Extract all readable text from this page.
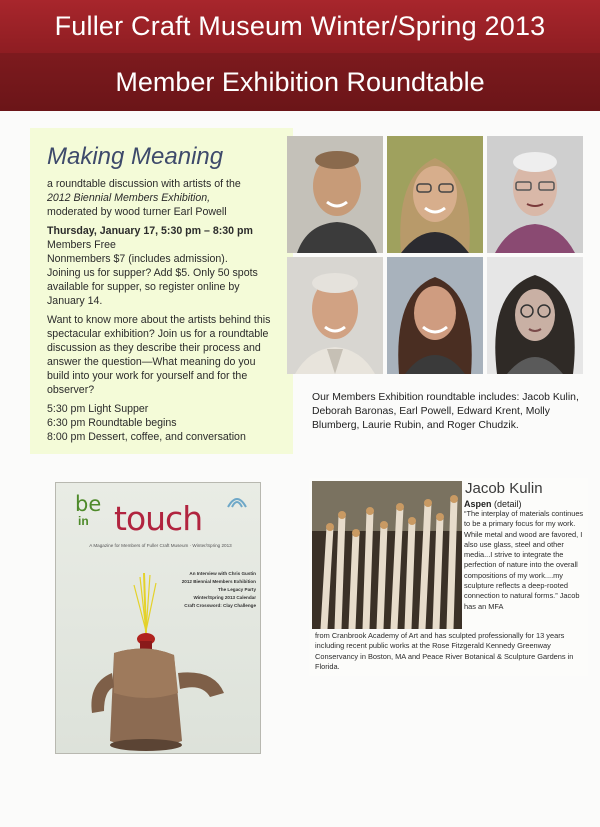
Fuller Craft Museum Winter/Spring 2013
Member Exhibition Roundtable
Making Meaning

a roundtable discussion with artists of the
2012 Biennial Members Exhibition,
moderated by wood turner Earl Powell

Thursday, January 17, 5:30 pm – 8:30 pm
Members Free
Nonmembers $7 (includes admission).
Joining us for supper? Add $5. Only 50 spots available for supper, so register online by January 14.

Want to know more about the artists behind this spectacular exhibition? Join us for a roundtable discussion as they describe their process and answer the question—What meaning do you build into your work for yourself and for the observer?

5:30 pm Light Supper
6:30 pm Roundtable begins
8:00 pm Dessert, coffee, and conversation

Our Members Exhibition roundtable includes: Jacob Kulin, Deborah Baronas, Earl Powell, Edward Krent, Molly Blumberg, Laurie Rubin, and Roger Chudzik.
be
in touch
A Magazine for Members of Fuller Craft Museum · Winter/Spring 2013
An Interview with Chris Gustin
2012 Biennial Members Exhibition
The Legacy Party
Winter/Spring 2013 Calendar
Craft Crossword: Clay Challenge
Jacob Kulin
Aspen (detail)
“The interplay of materials continues to be a primary focus for my work. While metal and wood are favored, I also use glass, steel and other media...I strive to integrate the perfection of nature into the overall compositions of my work....my sculpture reflects a deep-rooted connection to natural forms.” Jacob has an MFA
from Cranbrook Academy of Art and has sculpted professionally for 13 years including recent public works at the Rose Fitzgerald Kennedy Greenway Conservancy in Boston, MA and Peace River Botanical & Sculpture Gardens in Florida.
